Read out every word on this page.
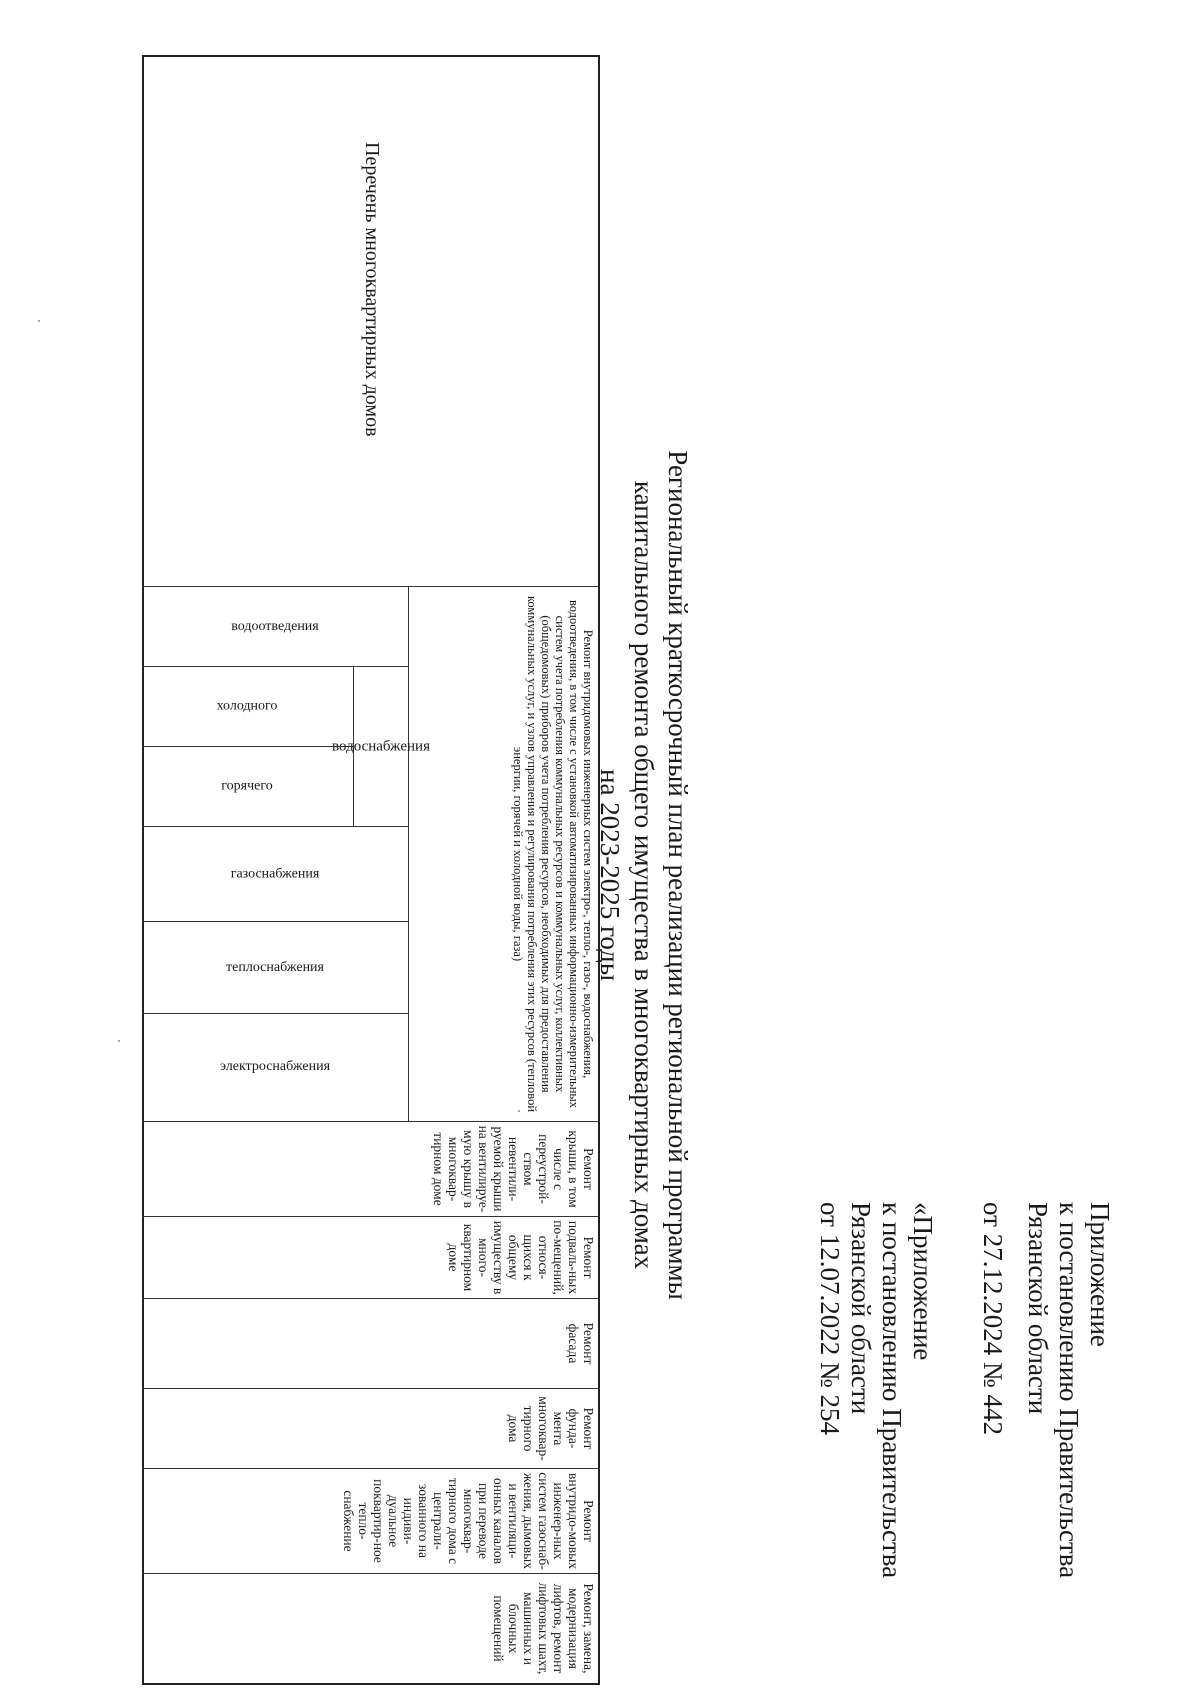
Приложение
к постановлению Правительства
Рязанской области
от 27.12.2024 № 442
«Приложение
к постановлению Правительства
Рязанской области
от 12.07.2022 № 254
Региональный краткосрочный план реализации региональной программы
капитального ремонта общего имущества в многоквартирных домах
на 2023-2025 годы
Перечень многоквартирных домов
Ремонт внутридомовых инженерных систем электро-, тепло-, газо-, водоснабжения, водоотведения, в том числе с установкой автоматизированных информационно-измерительных систем учета потребления коммунальных ресурсов и коммунальных услуг, коллективных (общедомовых) приборов учета потребления ресурсов, необходимых для предоставления коммунальных услуг, и узлов управления и регулирования потребления этих ресурсов (тепловой энергии, горячей и холодной воды, газа)
водоотведения
водоснабжения
холодного
горячего
газоснабжения
теплоснабжения
электроснабжения
Ремонт крыши, в том числе с переустрой-ством невентили-руемой крыши на вентилируе-мую крышу в многоквар-тирном доме
Ремонт подваль-ных по-мещений, относя-щихся к общему имуществу в много-квартирном доме
Ремонт фасада
Ремонт фунда-мента многоквар-тирного дома
Ремонт внутридо-мовых инженер-ных систем газоснаб-жения, дымовых и вентиляци-онных каналов при переводе многоквар-тирного дома с централи-зованного на индиви-дуальное поквартир-ное тепло-снабжение
Ремонт, замена, модернизация лифтов, ремонт лифтовых шахт, машинных и блочных помещений
